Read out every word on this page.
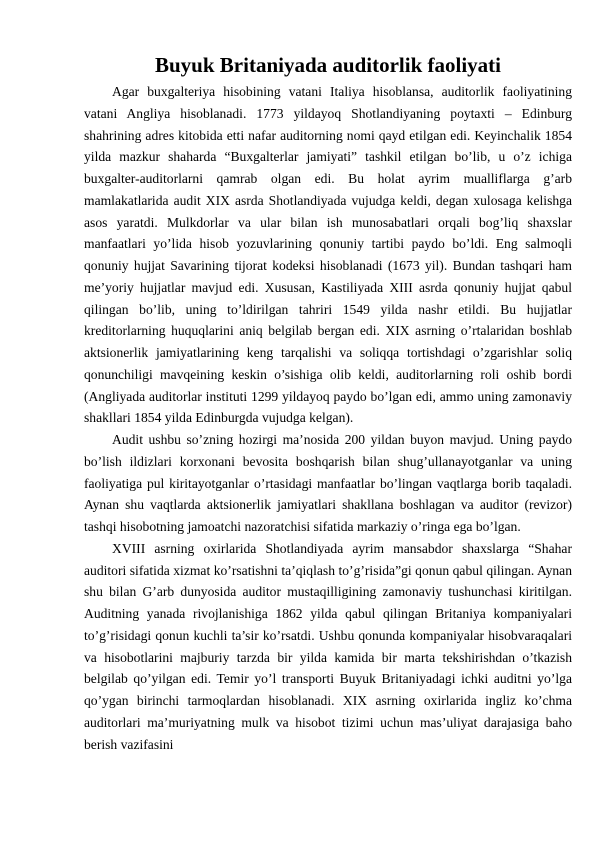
Buyuk Britaniyada auditorlik faoliyati

Agar buxgalteriya hisobining vatani Italiya hisoblansa, auditorlik faoliyatining vatani Angliya hisoblanadi. 1773 yildayoq Shotlandiyaning poytaxti – Edinburg shahrining adres kitobida etti nafar auditorning nomi qayd etilgan edi. Keyinchalik 1854 yilda mazkur shaharda “Buxgalterlar jamiyati” tashkil etilgan bo’lib, u o’z ichiga buxgalter-auditorlarni qamrab olgan edi. Bu holat ayrim mualliflarga g’arb mamlakatlarida audit XIX asrda Shotlandiyada vujudga keldi, degan xulosaga kelishga asos yaratdi. Mulkdorlar va ular bilan ish munosabatlari orqali bog’liq shaxslar manfaatlari yo’lida hisob yozuvlarining qonuniy tartibi paydo bo’ldi. Eng salmoqli qonuniy hujjat Savarining tijorat kodeksi hisoblanadi (1673 yil). Bundan tashqari ham me’yoriy hujjatlar mavjud edi. Xususan, Kastiliyada XIII asrda qonuniy hujjat qabul qilingan bo’lib, uning to’ldirilgan tahriri 1549 yilda nashr etildi. Bu hujjatlar kreditorlarning huquqlarini aniq belgilab bergan edi. XIX asrning o’rtalaridan boshlab aktsionerlik jamiyatlarining keng tarqalishi va soliqqa tortishdagi o’zgarishlar soliq qonunchiligi mavqeining keskin o’sishiga olib keldi, auditorlarning roli oshib bordi (Angliyada auditorlar instituti 1299 yildayoq paydo bo’lgan edi, ammo uning zamonaviy shakllari 1854 yilda Edinburgda vujudga kelgan).

Audit ushbu so’zning hozirgi ma’nosida 200 yildan buyon mavjud. Uning paydo bo’lish ildizlari korxonani bevosita boshqarish bilan shug’ullanayotganlar va uning faoliyatiga pul kiritayotganlar o’rtasidagi manfaatlar bo’lingan vaqtlarga borib taqaladi. Aynan shu vaqtlarda aktsionerlik jamiyatlari shakllana boshlagan va auditor (revizor) tashqi hisobotning jamoatchi nazoratchisi sifatida markaziy o’ringa ega bo’lgan.

XVIII asrning oxirlarida Shotlandiyada ayrim mansabdor shaxslarga “Shahar auditori sifatida xizmat ko’rsatishni ta’qiqlash to’g’risida”gi qonun qabul qilingan. Aynan shu bilan G’arb dunyosida auditor mustaqilligining zamonaviy tushunchasi kiritilgan. Auditning yanada rivojlanishiga 1862 yilda qabul qilingan Britaniya kompaniyalari to’g’risidagi qonun kuchli ta’sir ko’rsatdi. Ushbu qonunda kompaniyalar hisobvaraqalari va hisobotlarini majburiy tarzda bir yilda kamida bir marta tekshirishdan o’tkazish belgilab qo’yilgan edi. Temir yo’l transporti Buyuk Britaniyadagi ichki auditni yo’lga qo’ygan birinchi tarmoqlardan hisoblanadi. XIX asrning oxirlarida ingliz ko’chma auditorlari ma’muriyatning mulk va hisobot tizimi uchun mas’uliyat darajasiga baho berish vazifasini
